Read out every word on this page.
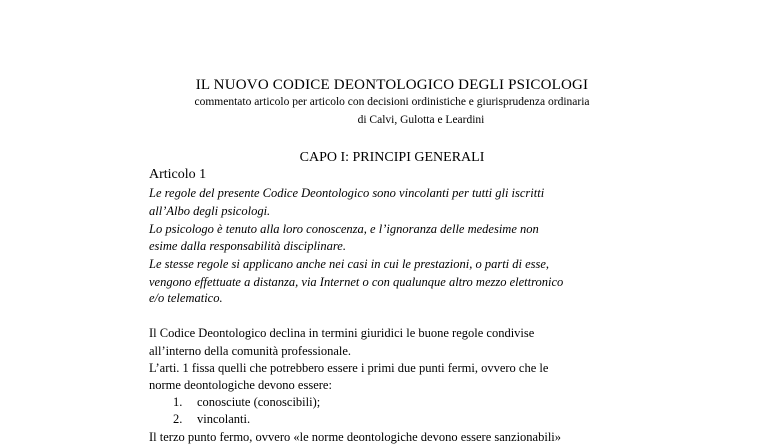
IL NUOVO CODICE DEONTOLOGICO DEGLI PSICOLOGI
commentato articolo per articolo con decisioni ordinistiche e giurisprudenza ordinaria
di Calvi, Gulotta e Leardini
CAPO I: PRINCIPI GENERALI
Articolo 1
Le regole del presente Codice Deontologico sono vincolanti per tutti gli iscritti
all’Albo degli psicologi.
Lo psicologo è tenuto alla loro conoscenza, e l’ignoranza delle medesime non
esime dalla responsabilità disciplinare.
Le stesse regole si applicano anche nei casi in cui le prestazioni, o parti di esse,
vengono effettuate a distanza, via Internet o con qualunque altro mezzo elettronico
e/o telematico.
Il Codice Deontologico declina in termini giuridici le buone regole condivise
all’interno della comunità professionale.
L’arti. 1 fissa quelli che potrebbero essere i primi due punti fermi, ovvero che le
norme deontologiche devono essere:
1. conosciute (conoscibili);
2. vincolanti.
Il terzo punto fermo, ovvero «le norme deontologiche devono essere sanzionabili»
